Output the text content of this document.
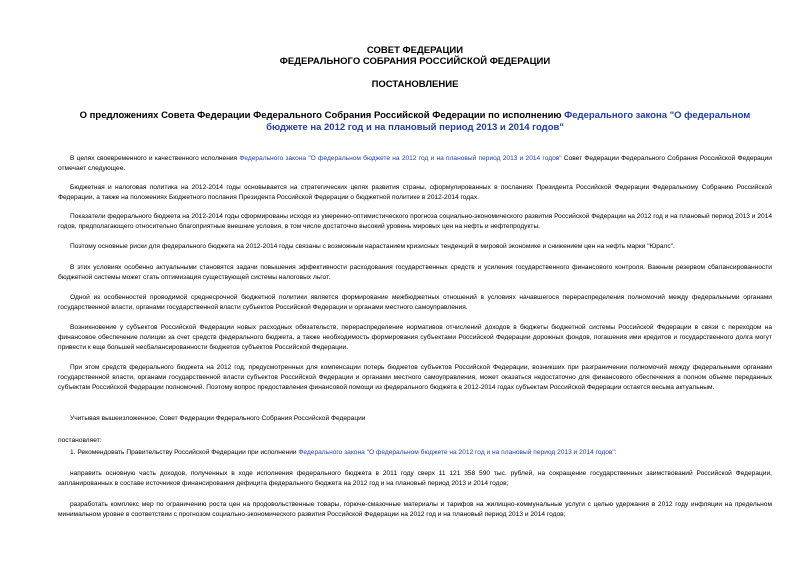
СОВЕТ ФЕДЕРАЦИИ
ФЕДЕРАЛЬНОГО СОБРАНИЯ РОССИЙСКОЙ ФЕДЕРАЦИИ
ПОСТАНОВЛЕНИЕ
О предложениях Совета Федерации Федерального Собрания Российской Федерации по исполнению Федерального закона "О федеральном бюджете на 2012 год и на плановый период 2013 и 2014 годов"
В целях своевременного и качественного исполнения Федерального закона "О федеральном бюджете на 2012 год и на плановый период 2013 и 2014 годов" Совет Федерации Федерального Собрания Российской Федерации отмечает следующее.
Бюджетная и налоговая политика на 2012-2014 годы основывается на стратегических целях развития страны, сформулированных в посланиях Президента Российской Федерации Федеральному Собранию Российской Федерации, а также на положениях Бюджетного послания Президента Российской Федерации о бюджетной политике в 2012-2014 годах.
Показатели федерального бюджета на 2012-2014 годы сформированы исходя из умеренно-оптимистического прогноза социально-экономического развития Российской Федерации на 2012 год и на плановый период 2013 и 2014 годов, предполагающего относительно благоприятные внешние условия, в том числе достаточно высокий уровень мировых цен на нефть и нефтепродукты.
Поэтому основные риски для федерального бюджета на 2012-2014 годы связаны с возможным нарастанием кризисных тенденций в мировой экономике и снижением цен на нефть марки "Юралс".
В этих условиях особенно актуальными становятся задачи повышения эффективности расходования государственных средств и усиления государственного финансового контроля. Важным резервом сбалансированности бюджетной системы может стать оптимизация существующей системы налоговых льгот.
Одной из особенностей проводимой среднесрочной бюджетной политики является формирование межбюджетных отношений в условиях начавшегося перераспределения полномочий между федеральными органами государственной власти, органами государственной власти субъектов Российской Федерации и органами местного самоуправления.
Возникновение у субъектов Российской Федерации новых расходных обязательств, перераспределение нормативов отчислений доходов в бюджеты бюджетной системы Российской Федерации в связи с переходом на финансовое обеспечение полиции за счет средств федерального бюджета, а также необходимость формирования субъектами Российской Федерации дорожных фондов, погашения ими кредитов и государственного долга могут привести к еще большей несбалансированности бюджетов субъектов Российской Федерации.
При этом средств федерального бюджета на 2012 год, предусмотренных для компенсации потерь бюджетов субъектов Российской Федерации, возникших при разграничении полномочий между федеральными органами государственной власти, органами государственной власти субъектов Российской Федерации и органами местного самоуправления, может оказаться недостаточно для финансового обеспечения в полном объеме переданных субъектам Российской Федерации полномочий. Поэтому вопрос предоставления финансовой помощи из федерального бюджета в 2012-2014 годах субъектам Российской Федерации остается весьма актуальным.
Учитывая вышеизложенное, Совет Федерации Федерального Собрания Российской Федерации
постановляет:
1. Рекомендовать Правительству Российской Федерации при исполнении Федерального закона "О федеральном бюджете на 2012 год и на плановый период 2013 и 2014 годов":
направить основную часть доходов, полученных в ходе исполнения федерального бюджета в 2011 году сверх 11 121 358 590 тыс. рублей, на сокращение государственных заимствований Российской Федерации, запланированных в составе источников финансирования дефицита федерального бюджета на 2012 год и на плановый период 2013 и 2014 годов;
разработать комплекс мер по ограничению роста цен на продовольственные товары, горюче-смазочные материалы и тарифов на жилищно-коммунальные услуги с целью удержания в 2012 году инфляции на предельном минимальном уровне в соответствии с прогнозом социально-экономического развития Российской Федерации на 2012 год и на плановый период 2013 и 2014 годов;
